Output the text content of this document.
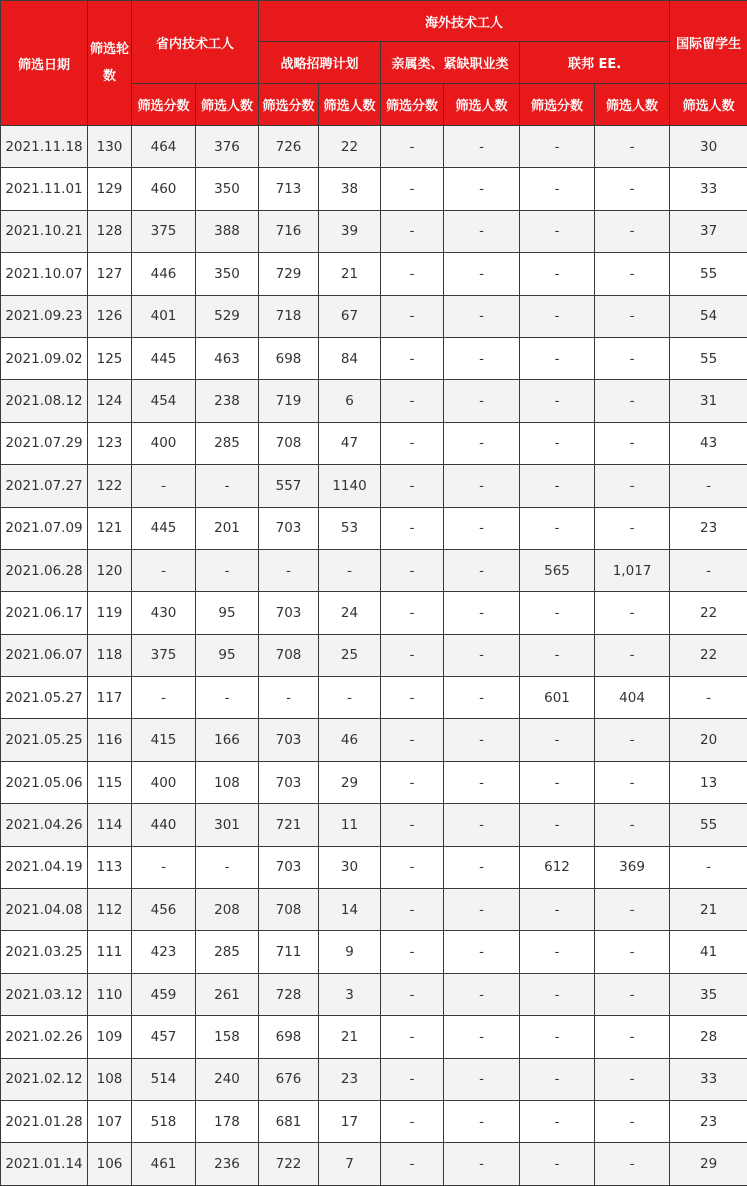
筛选日期	筛选轮数	省内技术工人		海外技术工人						国际留学生
				战略招聘计划		亲属类、紧缺职业类		联邦 EE.		
		筛选分数	筛选人数	筛选分数	筛选人数	筛选分数	筛选人数	筛选分数	筛选人数	筛选人数
2021.11.18	130	464	376	726	22	-	-	-	-	30
2021.11.01	129	460	350	713	38	-	-	-	-	33
2021.10.21	128	375	388	716	39	-	-	-	-	37
2021.10.07	127	446	350	729	21	-	-	-	-	55
2021.09.23	126	401	529	718	67	-	-	-	-	54
2021.09.02	125	445	463	698	84	-	-	-	-	55
2021.08.12	124	454	238	719	6	-	-	-	-	31
2021.07.29	123	400	285	708	47	-	-	-	-	43
2021.07.27	122	-	-	557	1140	-	-	-	-	-
2021.07.09	121	445	201	703	53	-	-	-	-	23
2021.06.28	120	-	-	-	-	-	-	565	1,017	-
2021.06.17	119	430	95	703	24	-	-	-	-	22
2021.06.07	118	375	95	708	25	-	-	-	-	22
2021.05.27	117	-	-	-	-	-	-	601	404	-
2021.05.25	116	415	166	703	46	-	-	-	-	20
2021.05.06	115	400	108	703	29	-	-	-	-	13
2021.04.26	114	440	301	721	11	-	-	-	-	55
2021.04.19	113	-	-	703	30	-	-	612	369	-
2021.04.08	112	456	208	708	14	-	-	-	-	21
2021.03.25	111	423	285	711	9	-	-	-	-	41
2021.03.12	110	459	261	728	3	-	-	-	-	35
2021.02.26	109	457	158	698	21	-	-	-	-	28
2021.02.12	108	514	240	676	23	-	-	-	-	33
2021.01.28	107	518	178	681	17	-	-	-	-	23
2021.01.14	106	461	236	722	7	-	-	-	-	29
